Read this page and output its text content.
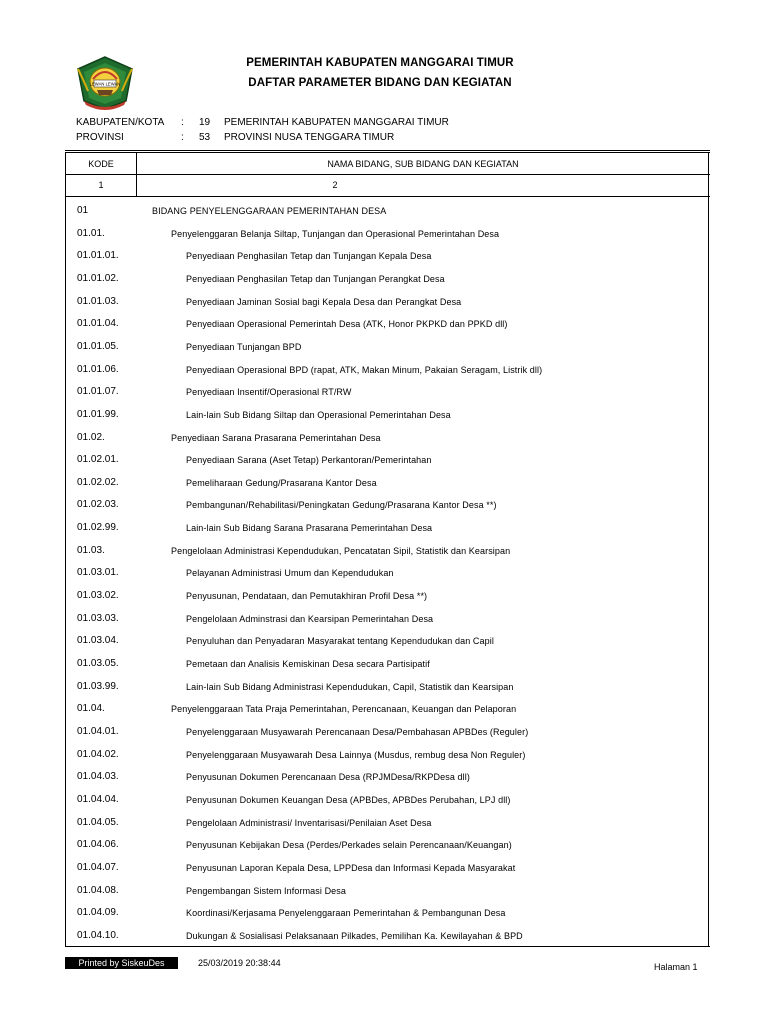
LEWAN LEWAN
PEMERINTAH KABUPATEN MANGGARAI TIMUR
DAFTAR PARAMETER BIDANG DAN KEGIATAN
KABUPATEN/KOTA : 19 PEMERINTAH KABUPATEN MANGGARAI TIMUR
PROVINSI	: 53 PROVINSI NUSA TENGGARA TIMUR
KODE	NAMA BIDANG, SUB BIDANG DAN KEGIATAN
1	2
01	BIDANG PENYELENGGARAAN PEMERINTAHAN DESA
01.01.	Penyelenggaran Belanja Siltap, Tunjangan dan Operasional Pemerintahan Desa
01.01.01.	Penyediaan Penghasilan Tetap dan Tunjangan Kepala Desa
01.01.02.	Penyediaan Penghasilan Tetap dan Tunjangan Perangkat Desa
01.01.03.	Penyediaan Jaminan Sosial bagi Kepala Desa dan Perangkat Desa
01.01.04.	Penyediaan Operasional Pemerintah Desa (ATK, Honor PKPKD dan PPKD dll)
01.01.05.	Penyediaan Tunjangan BPD
01.01.06.	Penyediaan Operasional BPD (rapat, ATK, Makan Minum, Pakaian Seragam, Listrik dll)
01.01.07.	Penyediaan Insentif/Operasional RT/RW
01.01.99.	Lain-lain Sub Bidang Siltap dan Operasional Pemerintahan Desa
01.02.	Penyediaan Sarana Prasarana Pemerintahan Desa
01.02.01.	Penyediaan Sarana (Aset Tetap) Perkantoran/Pemerintahan
01.02.02.	Pemeliharaan Gedung/Prasarana Kantor Desa
01.02.03.	Pembangunan/Rehabilitasi/Peningkatan Gedung/Prasarana Kantor Desa **)
01.02.99.	Lain-lain Sub Bidang Sarana Prasarana Pemerintahan Desa
01.03.	Pengelolaan Administrasi Kependudukan, Pencatatan Sipil, Statistik dan Kearsipan
01.03.01.	Pelayanan Administrasi Umum dan Kependudukan
01.03.02.	Penyusunan, Pendataan, dan Pemutakhiran Profil Desa **)
01.03.03.	Pengelolaan Adminstrasi dan Kearsipan Pemerintahan Desa
01.03.04.	Penyuluhan dan Penyadaran Masyarakat tentang Kependudukan dan Capil
01.03.05.	Pemetaan dan Analisis Kemiskinan Desa secara Partisipatif
01.03.99.	Lain-lain Sub Bidang Administrasi Kependudukan, Capil, Statistik dan Kearsipan
01.04.	Penyelenggaraan Tata Praja Pemerintahan, Perencanaan, Keuangan dan Pelaporan
01.04.01.	Penyelenggaraan Musyawarah Perencanaan Desa/Pembahasan APBDes (Reguler)
01.04.02.	Penyelenggaraan Musyawarah Desa Lainnya (Musdus, rembug desa Non Reguler)
01.04.03.	Penyusunan Dokumen Perencanaan Desa (RPJMDesa/RKPDesa dll)
01.04.04.	Penyusunan Dokumen Keuangan Desa (APBDes, APBDes Perubahan, LPJ dll)
01.04.05.	Pengelolaan Administrasi/ Inventarisasi/Penilaian Aset Desa
01.04.06.	Penyusunan Kebijakan Desa (Perdes/Perkades selain Perencanaan/Keuangan)
01.04.07.	Penyusunan Laporan Kepala Desa, LPPDesa dan Informasi Kepada Masyarakat
01.04.08.	Pengembangan Sistem Informasi Desa
01.04.09.	Koordinasi/Kerjasama Penyelenggaraan Pemerintahan & Pembangunan Desa
01.04.10.	Dukungan & Sosialisasi Pelaksanaan Pilkades, Pemilihan Ka. Kewilayahan & BPD
Printed by SiskeuDes	25/03/2019 20:38:44	Halaman 1
